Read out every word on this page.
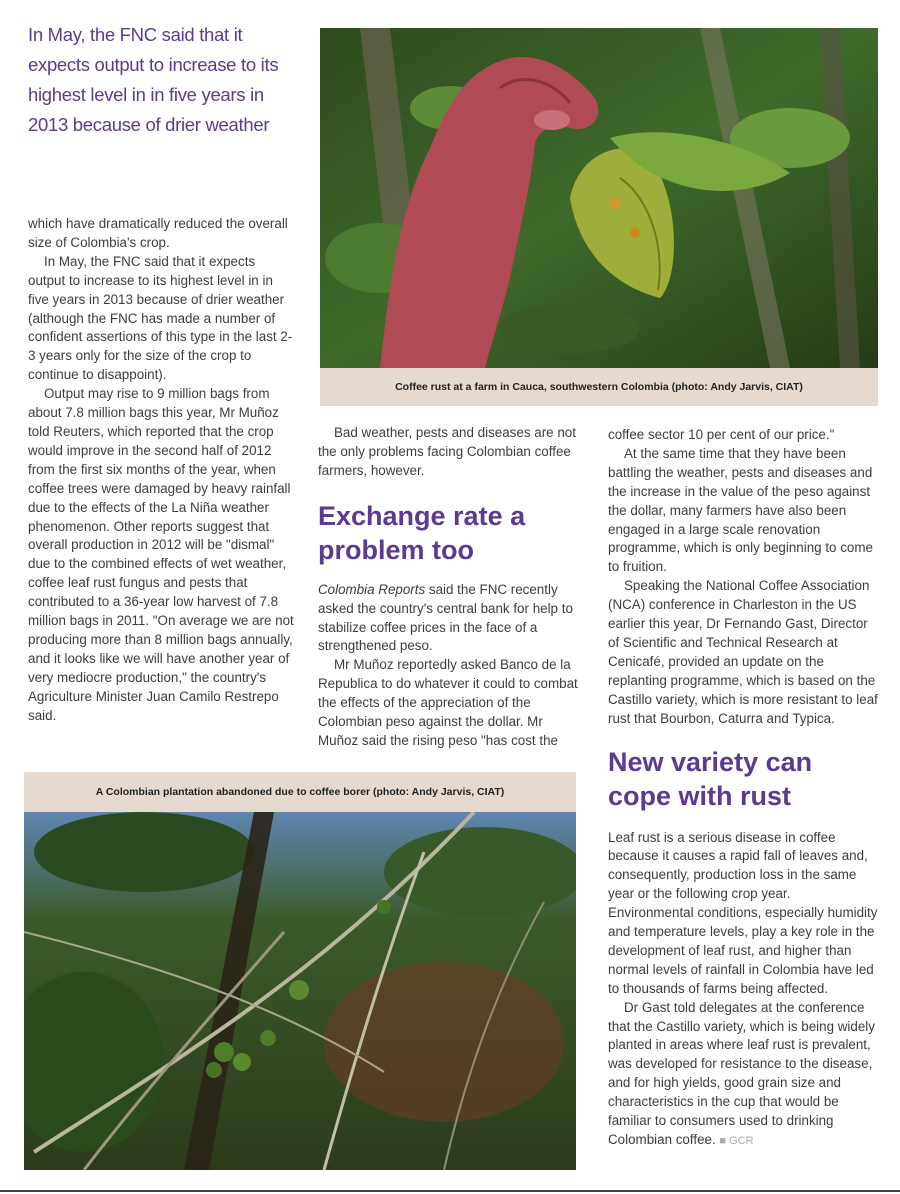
In May, the FNC said that it expects output to increase to its highest level in in five years in 2013 because of drier weather
Coffee rust at a farm in Cauca, southwestern Colombia (photo: Andy Jarvis, CIAT)

which have dramatically reduced the overall size of Colombia's crop.

In May, the FNC said that it expects output to increase to its highest level in in five years in 2013 because of drier weather (although the FNC has made a number of confident assertions of this type in the last 2-3 years only for the size of the crop to continue to disappoint).

Output may rise to 9 million bags from about 7.8 million bags this year, Mr Muñoz told Reuters, which reported that the crop would improve in the second half of 2012 from the first six months of the year, when coffee trees were damaged by heavy rainfall due to the effects of the La Niña weather phenomenon. Other reports suggest that overall production in 2012 will be "dismal" due to the combined effects of wet weather, coffee leaf rust fungus and pests that contributed to a 36-year low harvest of 7.8 million bags in 2011. "On average we are not producing more than 8 million bags annually, and it looks like we will have another year of very mediocre production," the country's Agriculture Minister Juan Camilo Restrepo said.

Bad weather, pests and diseases are not the only problems facing Colombian coffee farmers, however.

Exchange rate a problem too

Colombia Reports said the FNC recently asked the country's central bank for help to stabilize coffee prices in the face of a strengthened peso.

Mr Muñoz reportedly asked Banco de la Republica to do whatever it could to combat the effects of the appreciation of the Colombian peso against the dollar. Mr Muñoz said the rising peso "has cost the

coffee sector 10 per cent of our price."

At the same time that they have been battling the weather, pests and diseases and the increase in the value of the peso against the dollar, many farmers have also been engaged in a large scale renovation programme, which is only beginning to come to fruition.

Speaking the National Coffee Association (NCA) conference in Charleston in the US earlier this year, Dr Fernando Gast, Director of Scientific and Technical Research at Cenicafé, provided an update on the replanting programme, which is based on the Castillo variety, which is more resistant to leaf rust that Bourbon, Caturra and Typica.

New variety can cope with rust

Leaf rust is a serious disease in coffee because it causes a rapid fall of leaves and, consequently, production loss in the same year or the following crop year. Environmental conditions, especially humidity and temperature levels, play a key role in the development of leaf rust, and higher than normal levels of rainfall in Colombia have led to thousands of farms being affected.

Dr Gast told delegates at the conference that the Castillo variety, which is being widely planted in areas where leaf rust is prevalent, was developed for resistance to the disease, and for high yields, good grain size and characteristics in the cup that would be familiar to consumers used to drinking Colombian coffee. ■ GCR

A Colombian plantation abandoned due to coffee borer (photo: Andy Jarvis, CIAT)
